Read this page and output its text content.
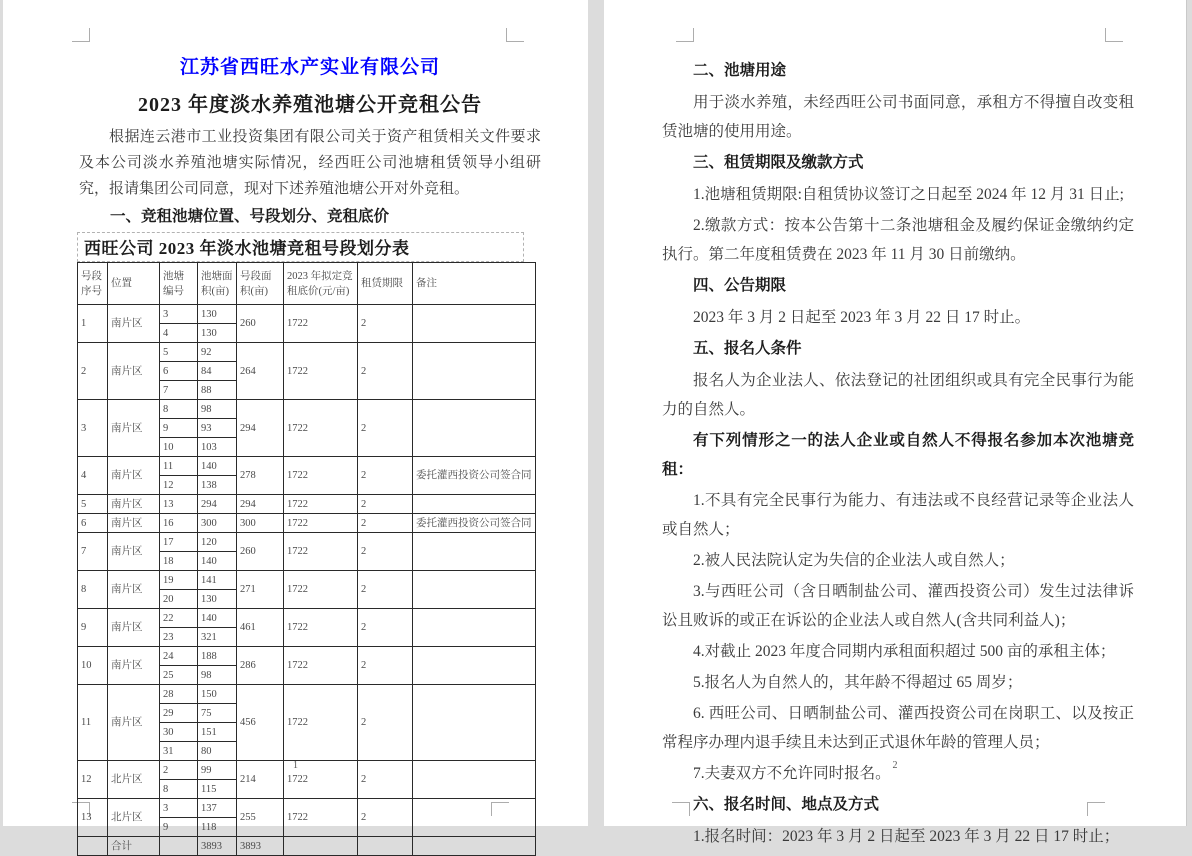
江苏省西旺水产实业有限公司
2023 年度淡水养殖池塘公开竞租公告
根据连云港市工业投资集团有限公司关于资产租赁相关文件要求及本公司淡水养殖池塘实际情况，经西旺公司池塘租赁领导小组研究，报请集团公司同意，现对下述养殖池塘公开对外竞租。
一、竞租池塘位置、号段划分、竞租底价
西旺公司 2023 年淡水池塘竞租号段划分表
号段序号	位置	池塘编号	池塘面积(亩)	号段面积(亩)	2023 年拟定竞租底价(元/亩)	租赁期限	备注
1	南片区	3	130	260	1722	2	
		4	130				
2	南片区	5	92	264	1722	2	
		6	84				
		7	88				
3	南片区	8	98	294	1722	2	
		9	93				
		10	103				
4	南片区	11	140	278	1722	2	委托灌西投资公司签合同
		12	138				
5	南片区	13	294	294	1722	2	
6	南片区	16	300	300	1722	2	委托灌西投资公司签合同
7	南片区	17	120	260	1722	2	
		18	140				
8	南片区	19	141	271	1722	2	
		20	130				
9	南片区	22	140	461	1722	2	
		23	321				
10	南片区	24	188	286	1722	2	
		25	98				
11	南片区	28	150	456	1722	2	
		29	75				
		30	151				
		31	80				
12	北片区	2	99	214	1722	2	
		8	115				
13	北片区	3	137	255	1722	2	
		9	118				
	合计		3893	3893			
1
二、池塘用途
用于淡水养殖，未经西旺公司书面同意，承租方不得擅自改变租赁池塘的使用用途。
三、租赁期限及缴款方式
1.池塘租赁期限:自租赁协议签订之日起至 2024 年 12 月 31 日止;
2.缴款方式：按本公告第十二条池塘租金及履约保证金缴纳约定执行。第二年度租赁费在 2023 年 11 月 30 日前缴纳。
四、公告期限
2023 年 3 月 2 日起至 2023 年 3 月 22 日 17 时止。
五、报名人条件
报名人为企业法人、依法登记的社团组织或具有完全民事行为能力的自然人。
有下列情形之一的法人企业或自然人不得报名参加本次池塘竞租：
1.不具有完全民事行为能力、有违法或不良经营记录等企业法人或自然人；
2.被人民法院认定为失信的企业法人或自然人；
3.与西旺公司（含日晒制盐公司、灌西投资公司）发生过法律诉讼且败诉的或正在诉讼的企业法人或自然人(含共同利益人)；
4.对截止 2023 年度合同期内承租面积超过 500 亩的承租主体；
5.报名人为自然人的，其年龄不得超过 65 周岁；
6. 西旺公司、日晒制盐公司、灌西投资公司在岗职工、以及按正常程序办理内退手续且未达到正式退休年龄的管理人员；
7.夫妻双方不允许同时报名。
六、报名时间、地点及方式
1.报名时间：2023 年 3 月 2 日起至 2023 年 3 月 22 日 17 时止；
2
